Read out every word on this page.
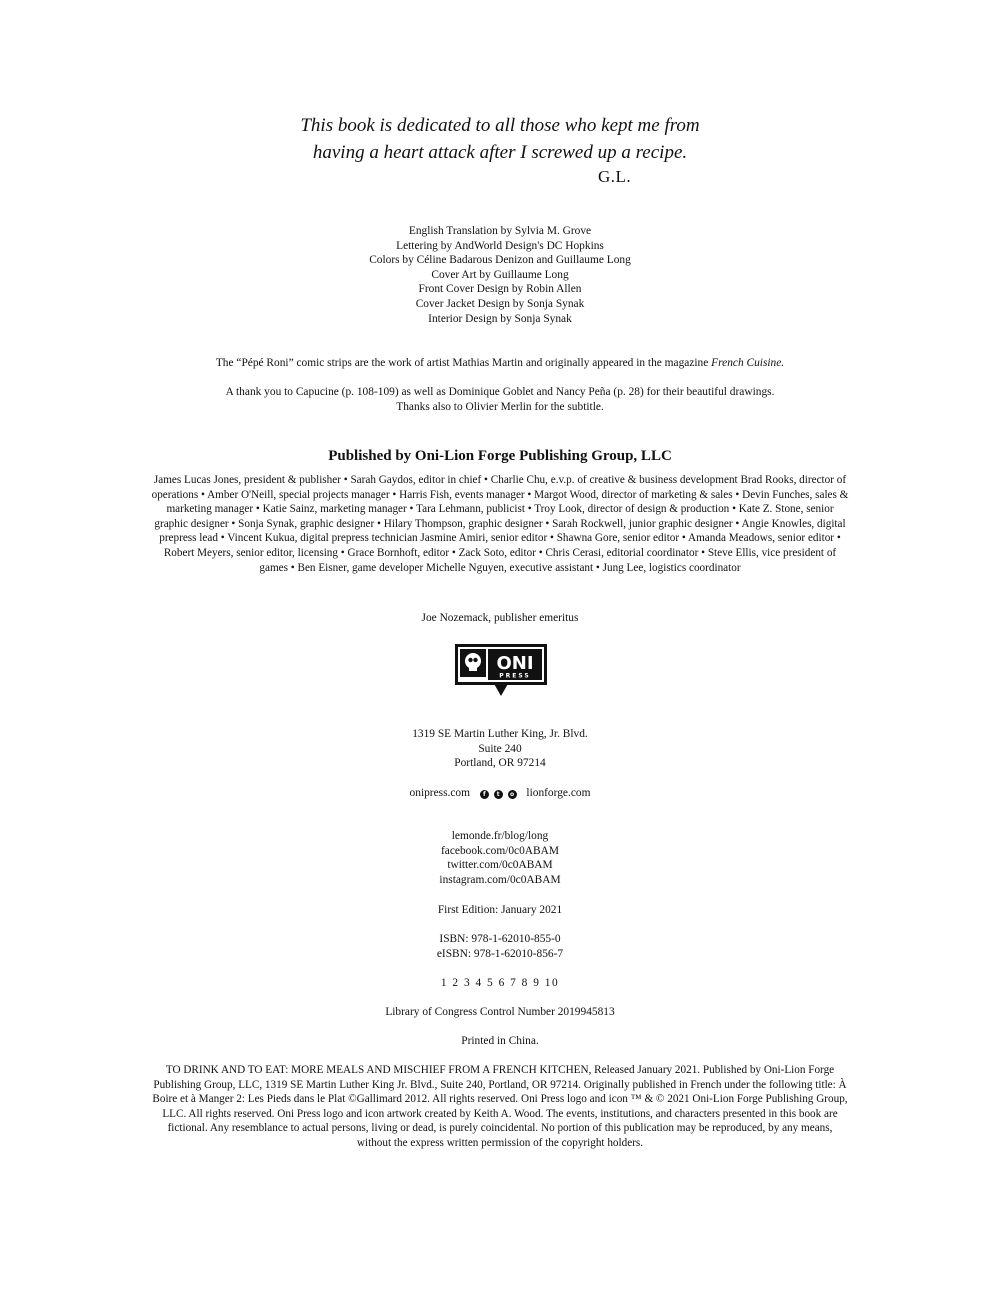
This book is dedicated to all those who kept me from
having a heart attack after I screwed up a recipe.
G.L.
English Translation by Sylvia M. Grove
Lettering by AndWorld Design's DC Hopkins
Colors by Céline Badarous Denizon and Guillaume Long
Cover Art by Guillaume Long
Front Cover Design by Robin Allen
Cover Jacket Design by Sonja Synak
Interior Design by Sonja Synak
The “Pépé Roni” comic strips are the work of artist Mathias Martin and originally appeared in the magazine French Cuisine.
A thank you to Capucine (p. 108-109) as well as Dominique Goblet and Nancy Peña (p. 28) for their beautiful drawings.
Thanks also to Olivier Merlin for the subtitle.
Published by Oni-Lion Forge Publishing Group, LLC
James Lucas Jones, president & publisher • Sarah Gaydos, editor in chief • Charlie Chu, e.v.p. of creative & business development Brad Rooks, director of operations • Amber O'Neill, special projects manager • Harris Fish, events manager • Margot Wood, director of marketing & sales • Devin Funches, sales & marketing manager • Katie Sainz, marketing manager • Tara Lehmann, publicist • Troy Look, director of design & production • Kate Z. Stone, senior graphic designer • Sonja Synak, graphic designer • Hilary Thompson, graphic designer • Sarah Rockwell, junior graphic designer • Angie Knowles, digital prepress lead • Vincent Kukua, digital prepress technician Jasmine Amiri, senior editor • Shawna Gore, senior editor • Amanda Meadows, senior editor • Robert Meyers, senior editor, licensing • Grace Bornhoft, editor • Zack Soto, editor • Chris Cerasi, editorial coordinator • Steve Ellis, vice president of games • Ben Eisner, game developer Michelle Nguyen, executive assistant • Jung Lee, logistics coordinator
Joe Nozemack, publisher emeritus
ONI
PRESS
1319 SE Martin Luther King, Jr. Blvd.
Suite 240
Portland, OR 97214
onipress.com f t o lionforge.com
lemonde.fr/blog/long
facebook.com/0c0ABAM
twitter.com/0c0ABAM
instagram.com/0c0ABAM
First Edition: January 2021
ISBN: 978-1-62010-855-0
eISBN: 978-1-62010-856-7
1 2 3 4 5 6 7 8 9 10
Library of Congress Control Number 2019945813
Printed in China.
TO DRINK AND TO EAT: MORE MEALS AND MISCHIEF FROM A FRENCH KITCHEN, Released January 2021. Published by Oni-Lion Forge Publishing Group, LLC, 1319 SE Martin Luther King Jr. Blvd., Suite 240, Portland, OR 97214. Originally published in French under the following title: À Boire et à Manger 2: Les Pieds dans le Plat ©Gallimard 2012. All rights reserved. Oni Press logo and icon ™ & © 2021 Oni-Lion Forge Publishing Group, LLC. All rights reserved. Oni Press logo and icon artwork created by Keith A. Wood. The events, institutions, and characters presented in this book are fictional. Any resemblance to actual persons, living or dead, is purely coincidental. No portion of this publication may be reproduced, by any means, without the express written permission of the copyright holders.
